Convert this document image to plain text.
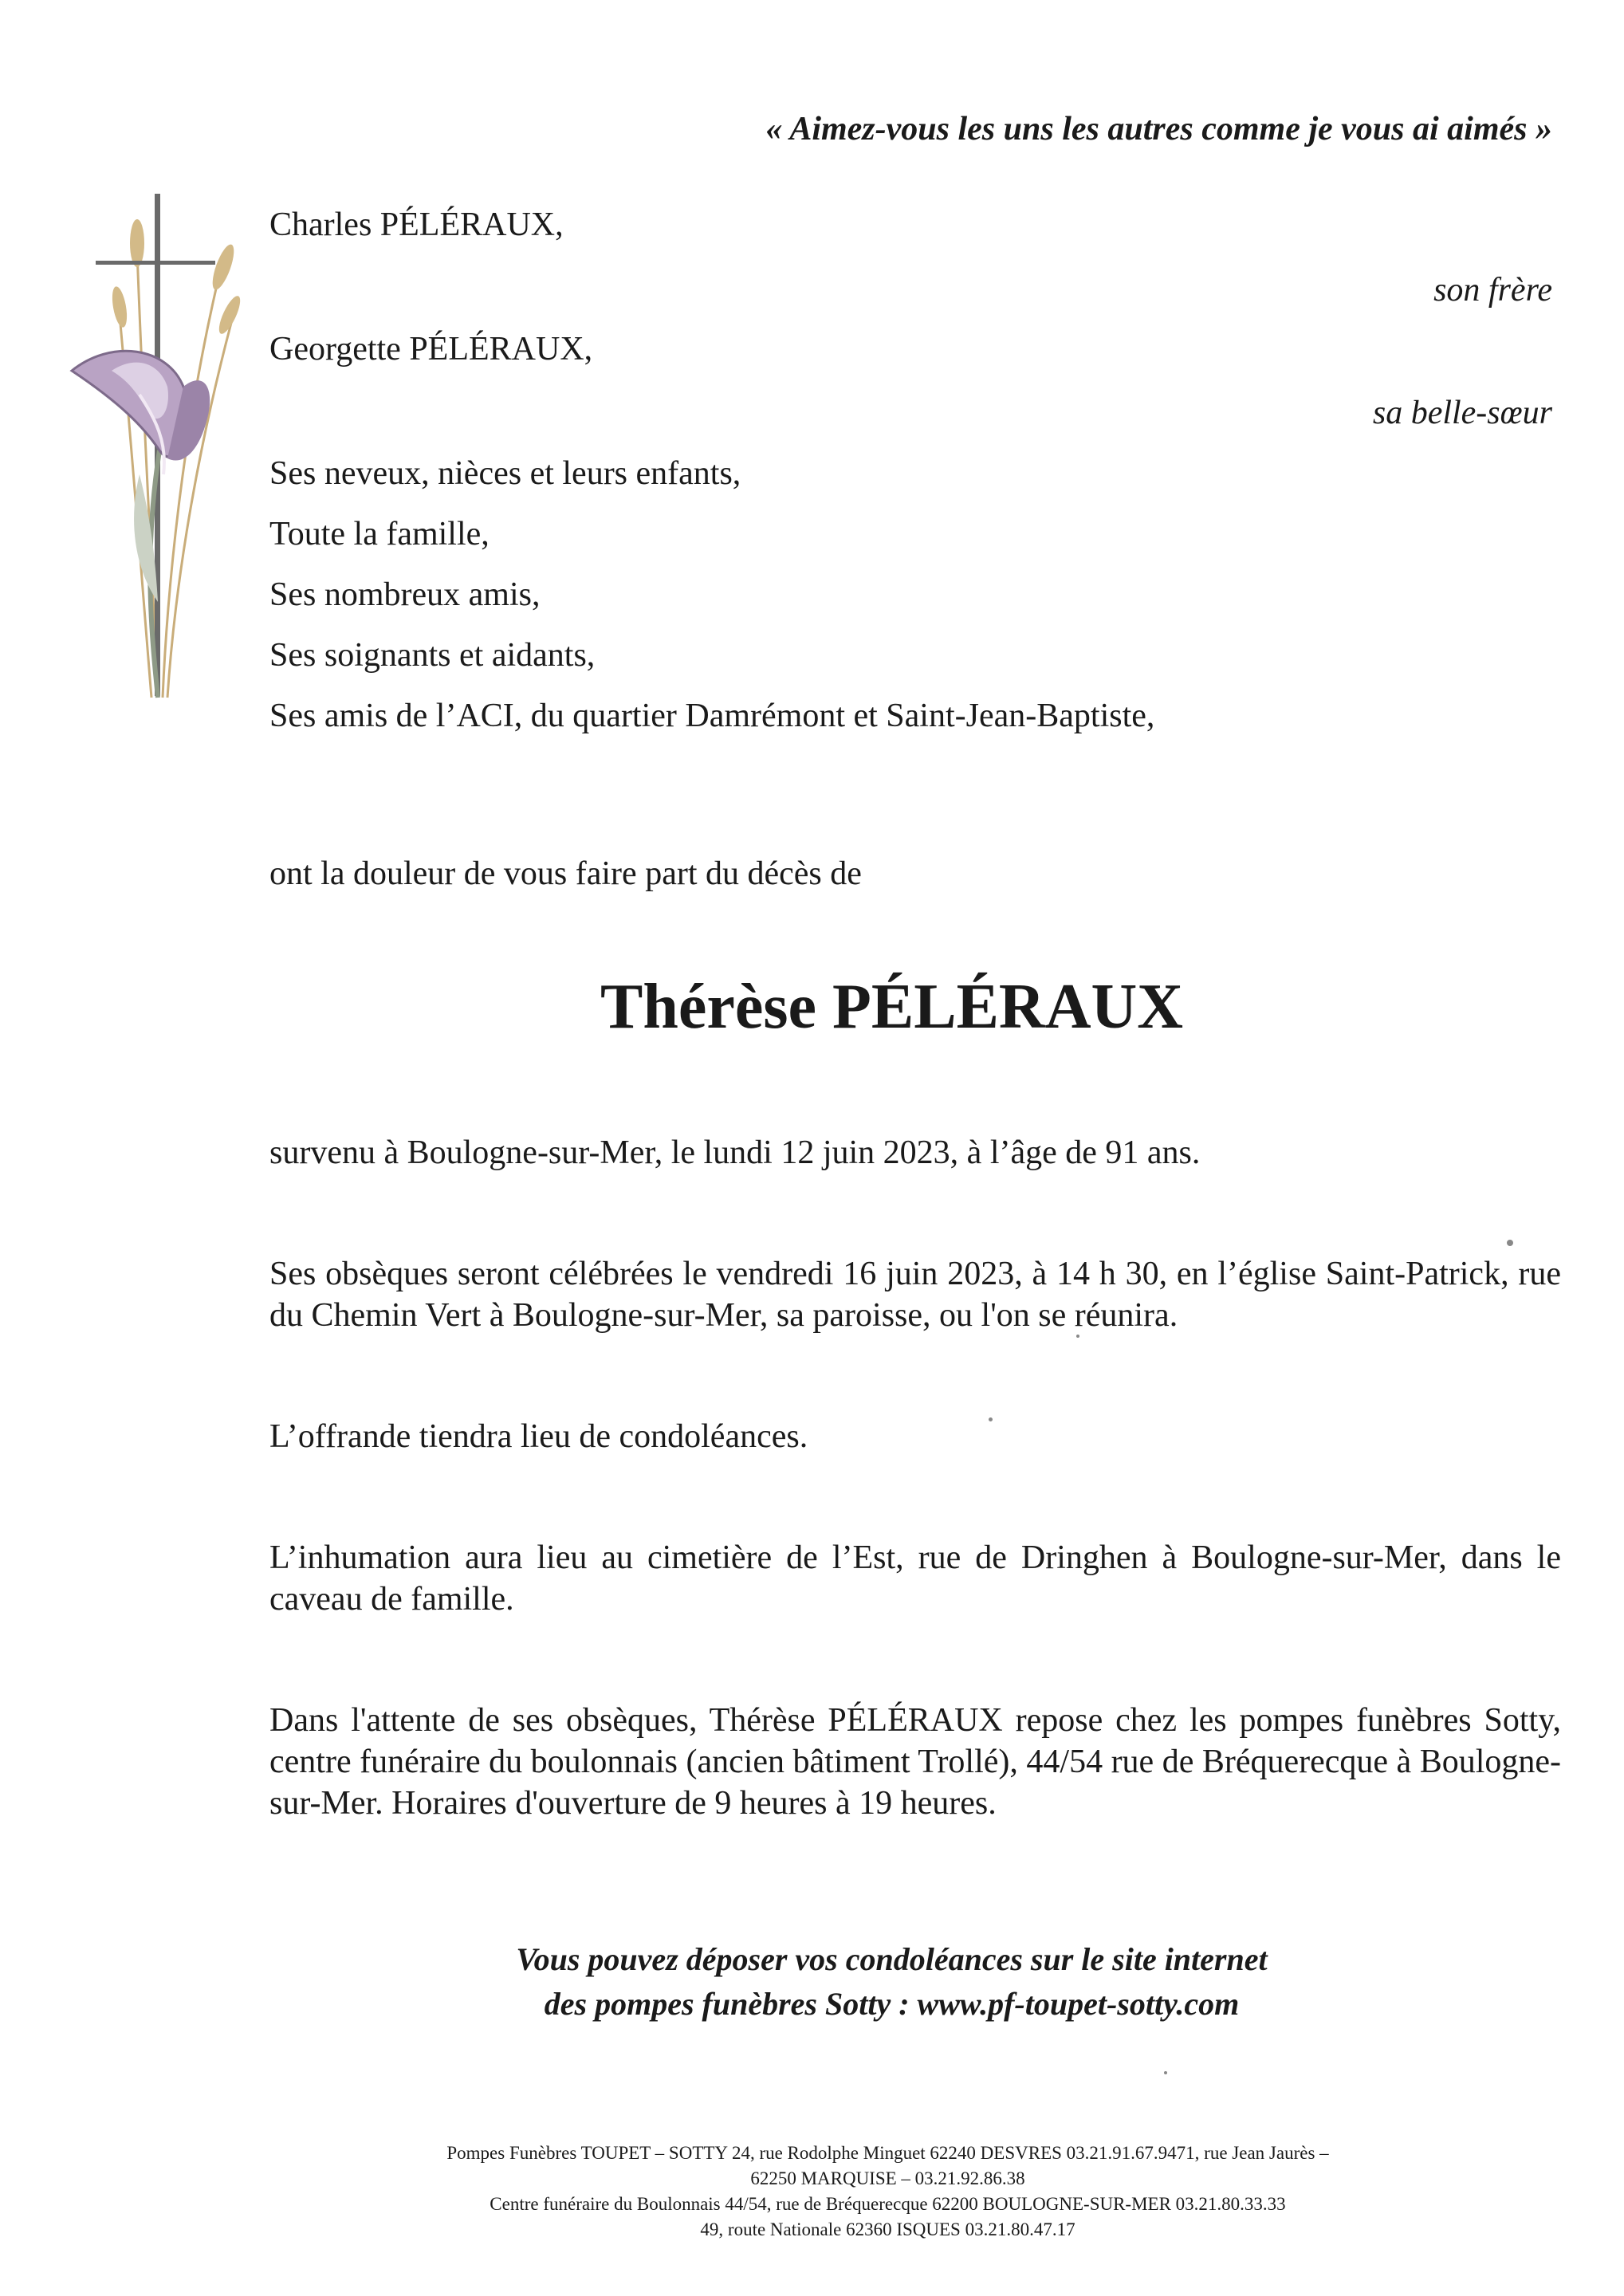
« Aimez-vous les uns les autres comme je vous ai aimés »
Charles PÉLÉRAUX,
son frère
Georgette PÉLÉRAUX,
sa belle-sœur
Ses neveux, nièces et leurs enfants,
Toute la famille,
Ses nombreux amis,
Ses soignants et aidants,
Ses amis de l’ACI, du quartier Damrémont et Saint-Jean-Baptiste,
ont la douleur de vous faire part du décès de
Thérèse PÉLÉRAUX
survenu à Boulogne-sur-Mer, le lundi 12 juin 2023, à l’âge de 91 ans.
Ses obsèques seront célébrées le vendredi 16 juin 2023, à 14 h 30, en l’église Saint-Patrick, rue du Chemin Vert à Boulogne-sur-Mer, sa paroisse, ou l'on se réunira.
L’offrande tiendra lieu de condoléances.
L’inhumation aura lieu au cimetière de l’Est, rue de Dringhen à Boulogne-sur-Mer, dans le caveau de famille.
Dans l'attente de ses obsèques, Thérèse PÉLÉRAUX repose chez les pompes funèbres Sotty, centre funéraire du boulonnais (ancien bâtiment Trollé), 44/54 rue de Bréquerecque à Boulogne-sur-Mer. Horaires d'ouverture de 9 heures à 19 heures.
Vous pouvez déposer vos condoléances sur le site internet
des pompes funèbres Sotty : www.pf-toupet-sotty.com
Pompes Funèbres TOUPET – SOTTY 24, rue Rodolphe Minguet 62240 DESVRES 03.21.91.67.9471, rue Jean Jaurès –
62250 MARQUISE – 03.21.92.86.38
Centre funéraire du Boulonnais 44/54, rue de Bréquerecque 62200 BOULOGNE-SUR-MER 03.21.80.33.33
49, route Nationale 62360 ISQUES 03.21.80.47.17
